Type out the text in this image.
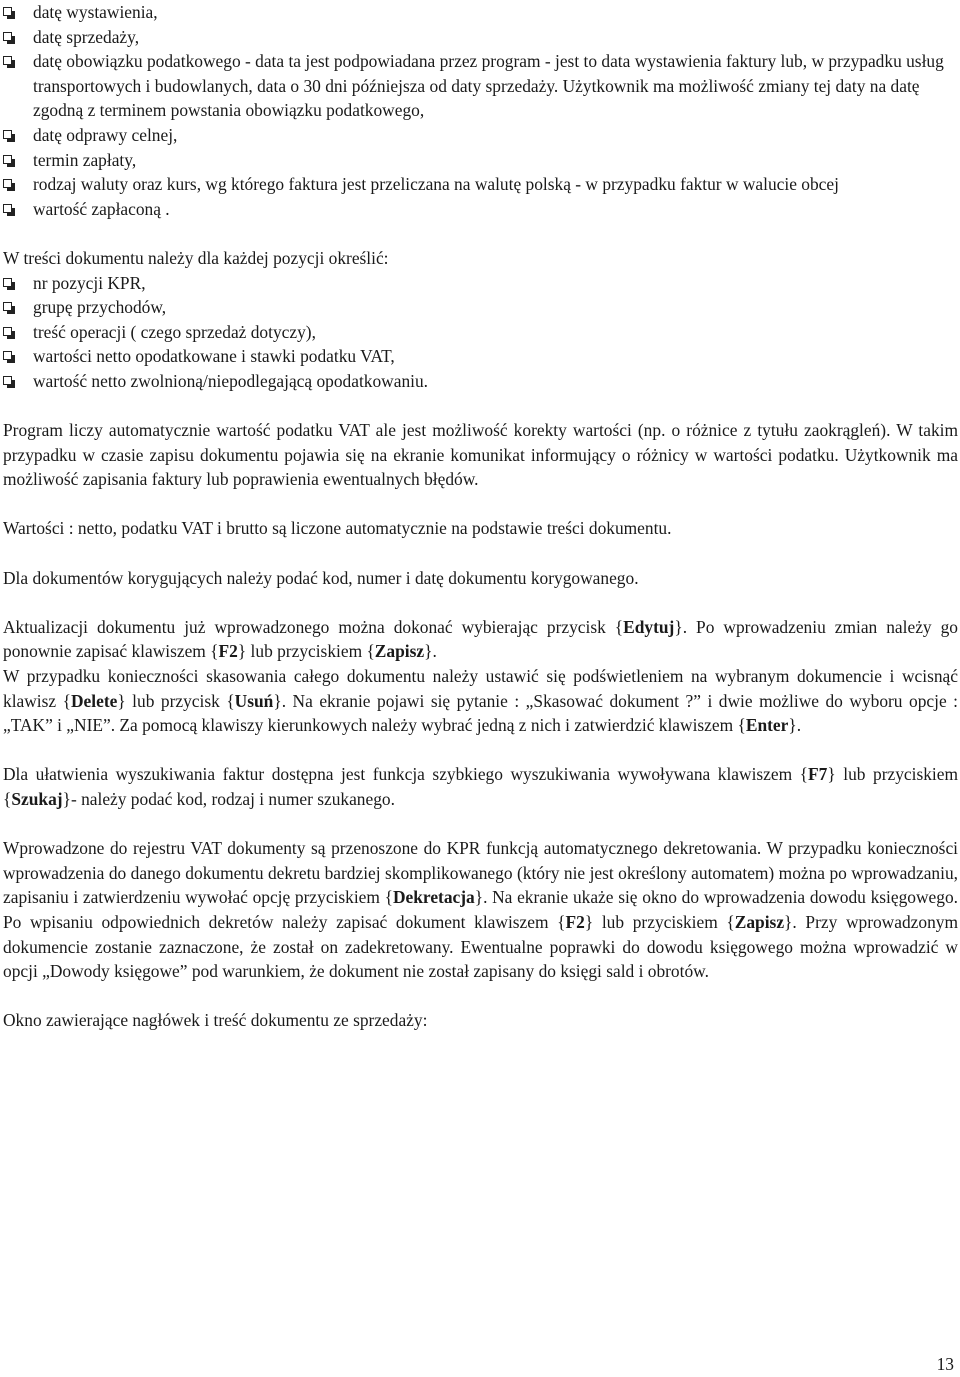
datę wystawienia,
datę sprzedaży,
datę obowiązku podatkowego - data ta jest podpowiadana przez program - jest to data wystawienia faktury lub, w przypadku usług transportowych i budowlanych, data o 30 dni późniejsza od daty sprzedaży. Użytkownik ma możliwość zmiany tej daty na datę zgodną z terminem powstania obowiązku podatkowego,
datę odprawy celnej,
termin zapłaty,
rodzaj waluty oraz kurs, wg którego faktura jest przeliczana na walutę polską - w przypadku faktur w walucie obcej
wartość zapłaconą .
W treści dokumentu należy dla każdej pozycji określić:
nr pozycji KPR,
grupę przychodów,
treść operacji ( czego sprzedaż dotyczy),
wartości netto opodatkowane i stawki podatku VAT,
wartość netto zwolnioną/niepodlegającą opodatkowaniu.
Program liczy automatycznie wartość podatku VAT ale jest możliwość korekty wartości (np. o różnice z tytułu zaokrągleń). W takim przypadku w czasie zapisu dokumentu pojawia się na ekranie komunikat informujący o różnicy w wartości podatku. Użytkownik ma możliwość zapisania faktury lub poprawienia ewentualnych błędów.
Wartości : netto, podatku VAT i brutto są liczone automatycznie na podstawie treści dokumentu.
Dla dokumentów korygujących należy podać kod, numer i datę dokumentu korygowanego.
Aktualizacji dokumentu już wprowadzonego można dokonać wybierając przycisk {Edytuj}. Po wprowadzeniu zmian należy go ponownie zapisać klawiszem {F2} lub przyciskiem {Zapisz}.
W przypadku konieczności skasowania całego dokumentu należy ustawić się podświetleniem na wybranym dokumencie i wcisnąć klawisz {Delete} lub przycisk {Usuń}. Na ekranie pojawi się pytanie : „Skasować dokument ?” i dwie możliwe do wyboru opcje : „TAK” i „NIE”. Za pomocą klawiszy kierunkowych należy wybrać jedną z nich i zatwierdzić klawiszem {Enter}.
Dla ułatwienia wyszukiwania faktur dostępna jest funkcja szybkiego wyszukiwania wywoływana klawiszem {F7} lub przyciskiem {Szukaj}- należy podać kod, rodzaj i numer szukanego.
Wprowadzone do rejestru VAT dokumenty są przenoszone do KPR funkcją automatycznego dekretowania. W przypadku konieczności wprowadzenia do danego dokumentu dekretu bardziej skomplikowanego (który nie jest określony automatem) można po wprowadzaniu, zapisaniu i zatwierdzeniu wywołać opcję przyciskiem {Dekretacja}. Na ekranie ukaże się okno do wprowadzenia dowodu księgowego. Po wpisaniu odpowiednich dekretów należy zapisać dokument klawiszem {F2} lub przyciskiem {Zapisz}. Przy wprowadzonym dokumencie zostanie zaznaczone, że został on zadekretowany. Ewentualne poprawki do dowodu księgowego można wprowadzić w opcji „Dowody księgowe” pod warunkiem, że dokument nie został zapisany do księgi sald i obrotów.
Okno zawierające nagłówek i treść dokumentu ze sprzedaży:
13
